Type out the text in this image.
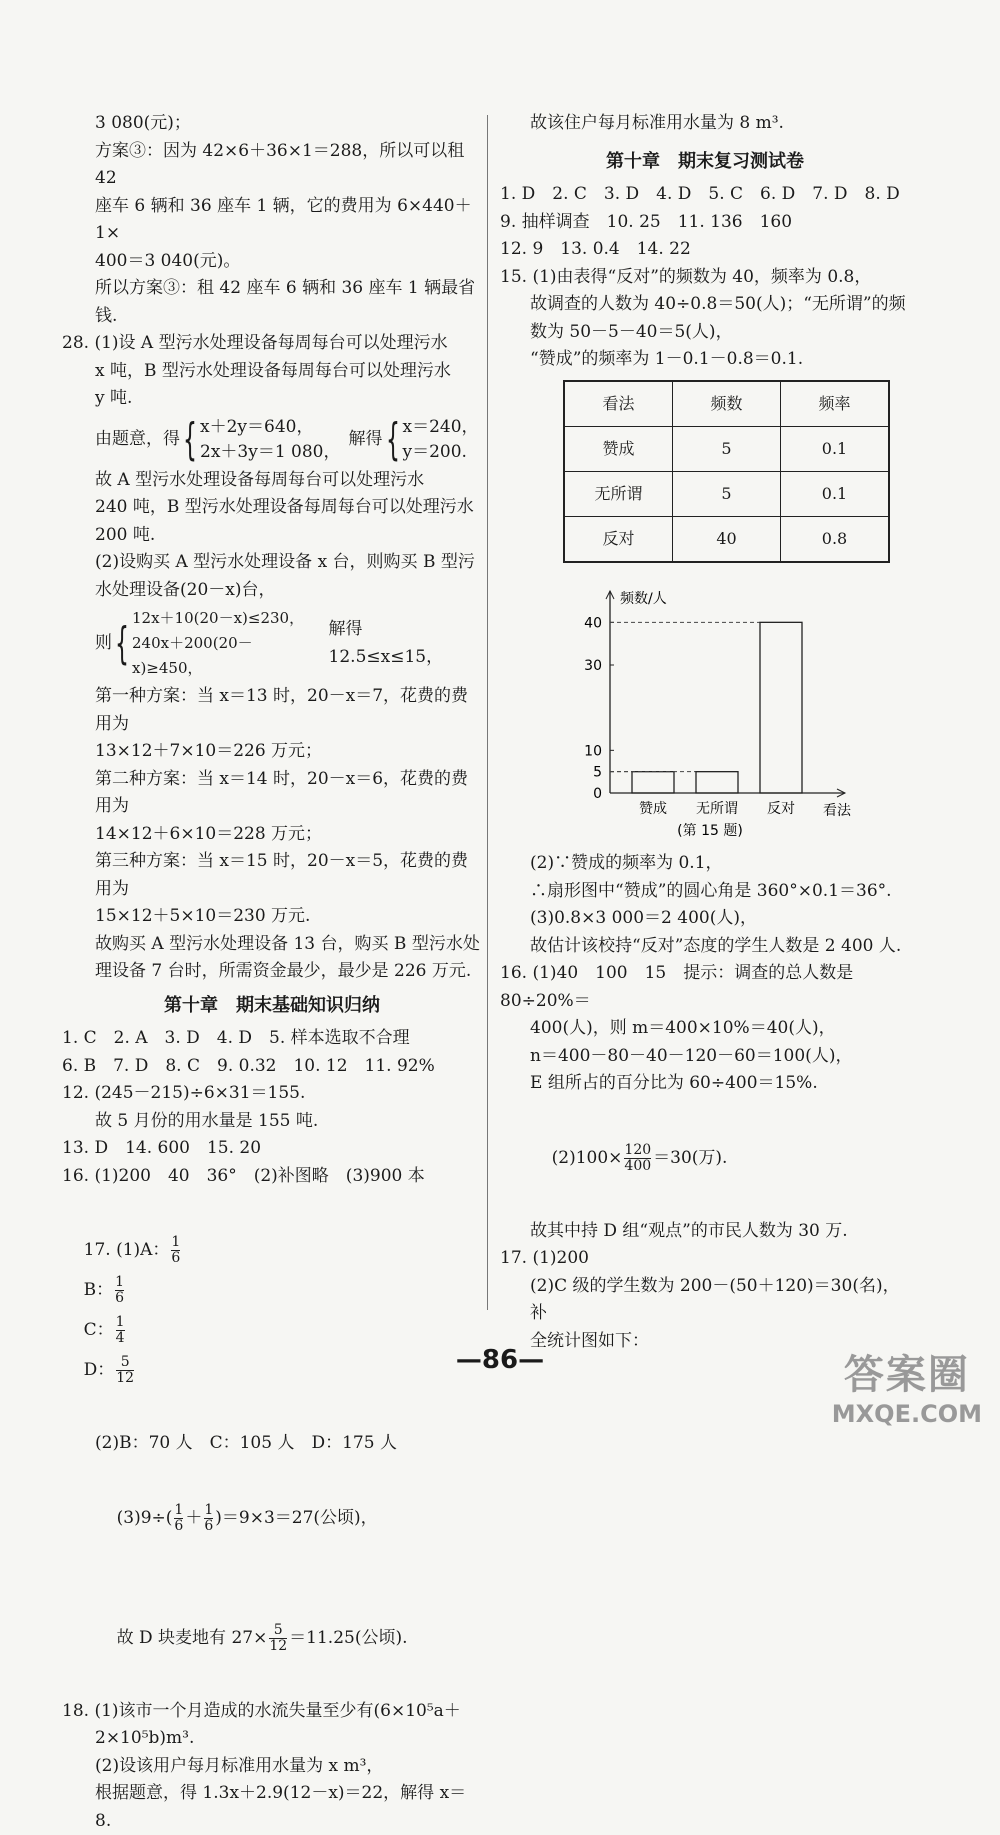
3 080(元)；

方案③：因为 42×6＋36×1＝288，所以可以租 42

座车 6 辆和 36 座车 1 辆，它的费用为 6×440＋1×

400＝3 040(元)。

所以方案③：租 42 座车 6 辆和 36 座车 1 辆最省钱.

28. (1)设 A 型污水处理设备每周每台可以处理污水

x 吨，B 型污水处理设备每周每台可以处理污水

y 吨.

由题意，得 { x＋2y＝640，
2x＋3y＝1 080，
解得 { x＝240，
y＝200.

故 A 型污水处理设备每周每台可以处理污水

240 吨，B 型污水处理设备每周每台可以处理污水

200 吨.

(2)设购买 A 型污水处理设备 x 台，则购买 B 型污

水处理设备(20－x)台，

则 { 12x＋10(20－x)≤230，
240x＋200(20－x)≥450，
解得 12.5≤x≤15，

第一种方案：当 x＝13 时，20－x＝7，花费的费用为

13×12＋7×10＝226 万元；

第二种方案：当 x＝14 时，20－x＝6，花费的费用为

14×12＋6×10＝228 万元；

第三种方案：当 x＝15 时，20－x＝5，花费的费用为

15×12＋5×10＝230 万元.

故购买 A 型污水处理设备 13 台，购买 B 型污水处

理设备 7 台时，所需资金最少，最少是 226 万元.

第十章　期末基础知识归纳

1. C　2. A　3. D　4. D　5. 样本选取不合理

6. B　7. D　8. C　9. 0.32　10. 12　11. 92%

12. (245－215)÷6×31＝155.

故 5 月份的用水量是 155 吨.

13. D　14. 600　15. 20

16. (1)200　40　36°　(2)补图略　(3)900 本

17. (1)A： $\frac{1}{6}$

B： $\frac{1}{6}$

C： $\frac{1}{4}$

D： $\frac{5}{12}$

(2)B：70 人　C：105 人　D：175 人

$(3)9\div( \frac{1}{6} + \frac{1}{6} )=9\times 3=27$(公顷)，

故 D 块麦地有 $27\times \frac{5}{12} =11.25$(公顷).

18. (1)该市一个月造成的水流失量至少有(6×10⁵a＋

2×10⁵b)m³.

(2)设该用户每月标准用水量为 x m³，

根据题意，得 1.3x＋2.9(12－x)＝22，解得 x＝8.

故该住户每月标准用水量为 8 m³.

第十章　期末复习测试卷

1. D　2. C　3. D　4. D　5. C　6. D　7. D　8. D

9. 抽样调查　10. 25　11. 136　160

12. 9　13. 0.4　14. 22

15. (1)由表得“反对”的频数为 40，频率为 0.8，

故调查的人数为 40÷0.8＝50(人)；“无所谓”的频

数为 50－5－40＝5(人)，

“赞成”的频率为 1－0.1－0.8＝0.1.

看法	频数	频率
赞成	5	0.1
无所谓	5	0.1
反对	40	0.8
频数/人
看法
0
5
10
30
40
赞成 无所谓 反对
(第 15 题)

(2)∵赞成的频率为 0.1，

∴扇形图中“赞成”的圆心角是 360°×0.1＝36°.

(3)0.8×3 000＝2 400(人)，

故估计该校持“反对”态度的学生人数是 2 400 人.

16. (1)40　100　15　提示：调查的总人数是 80÷20%＝

400(人)，则 m＝400×10%＝40(人)，

n＝400－80－40－120－60＝100(人)，

E 组所占的百分比为 60÷400＝15%.

$(2)100\times \frac{120}{400} =30$(万).

故其中持 D 组“观点”的市民人数为 30 万.

17. (1)200

(2)C 级的学生数为 200－(50＋120)＝30(名)，补

全统计图如下：

—86—	答案圈
MXQE.COM
